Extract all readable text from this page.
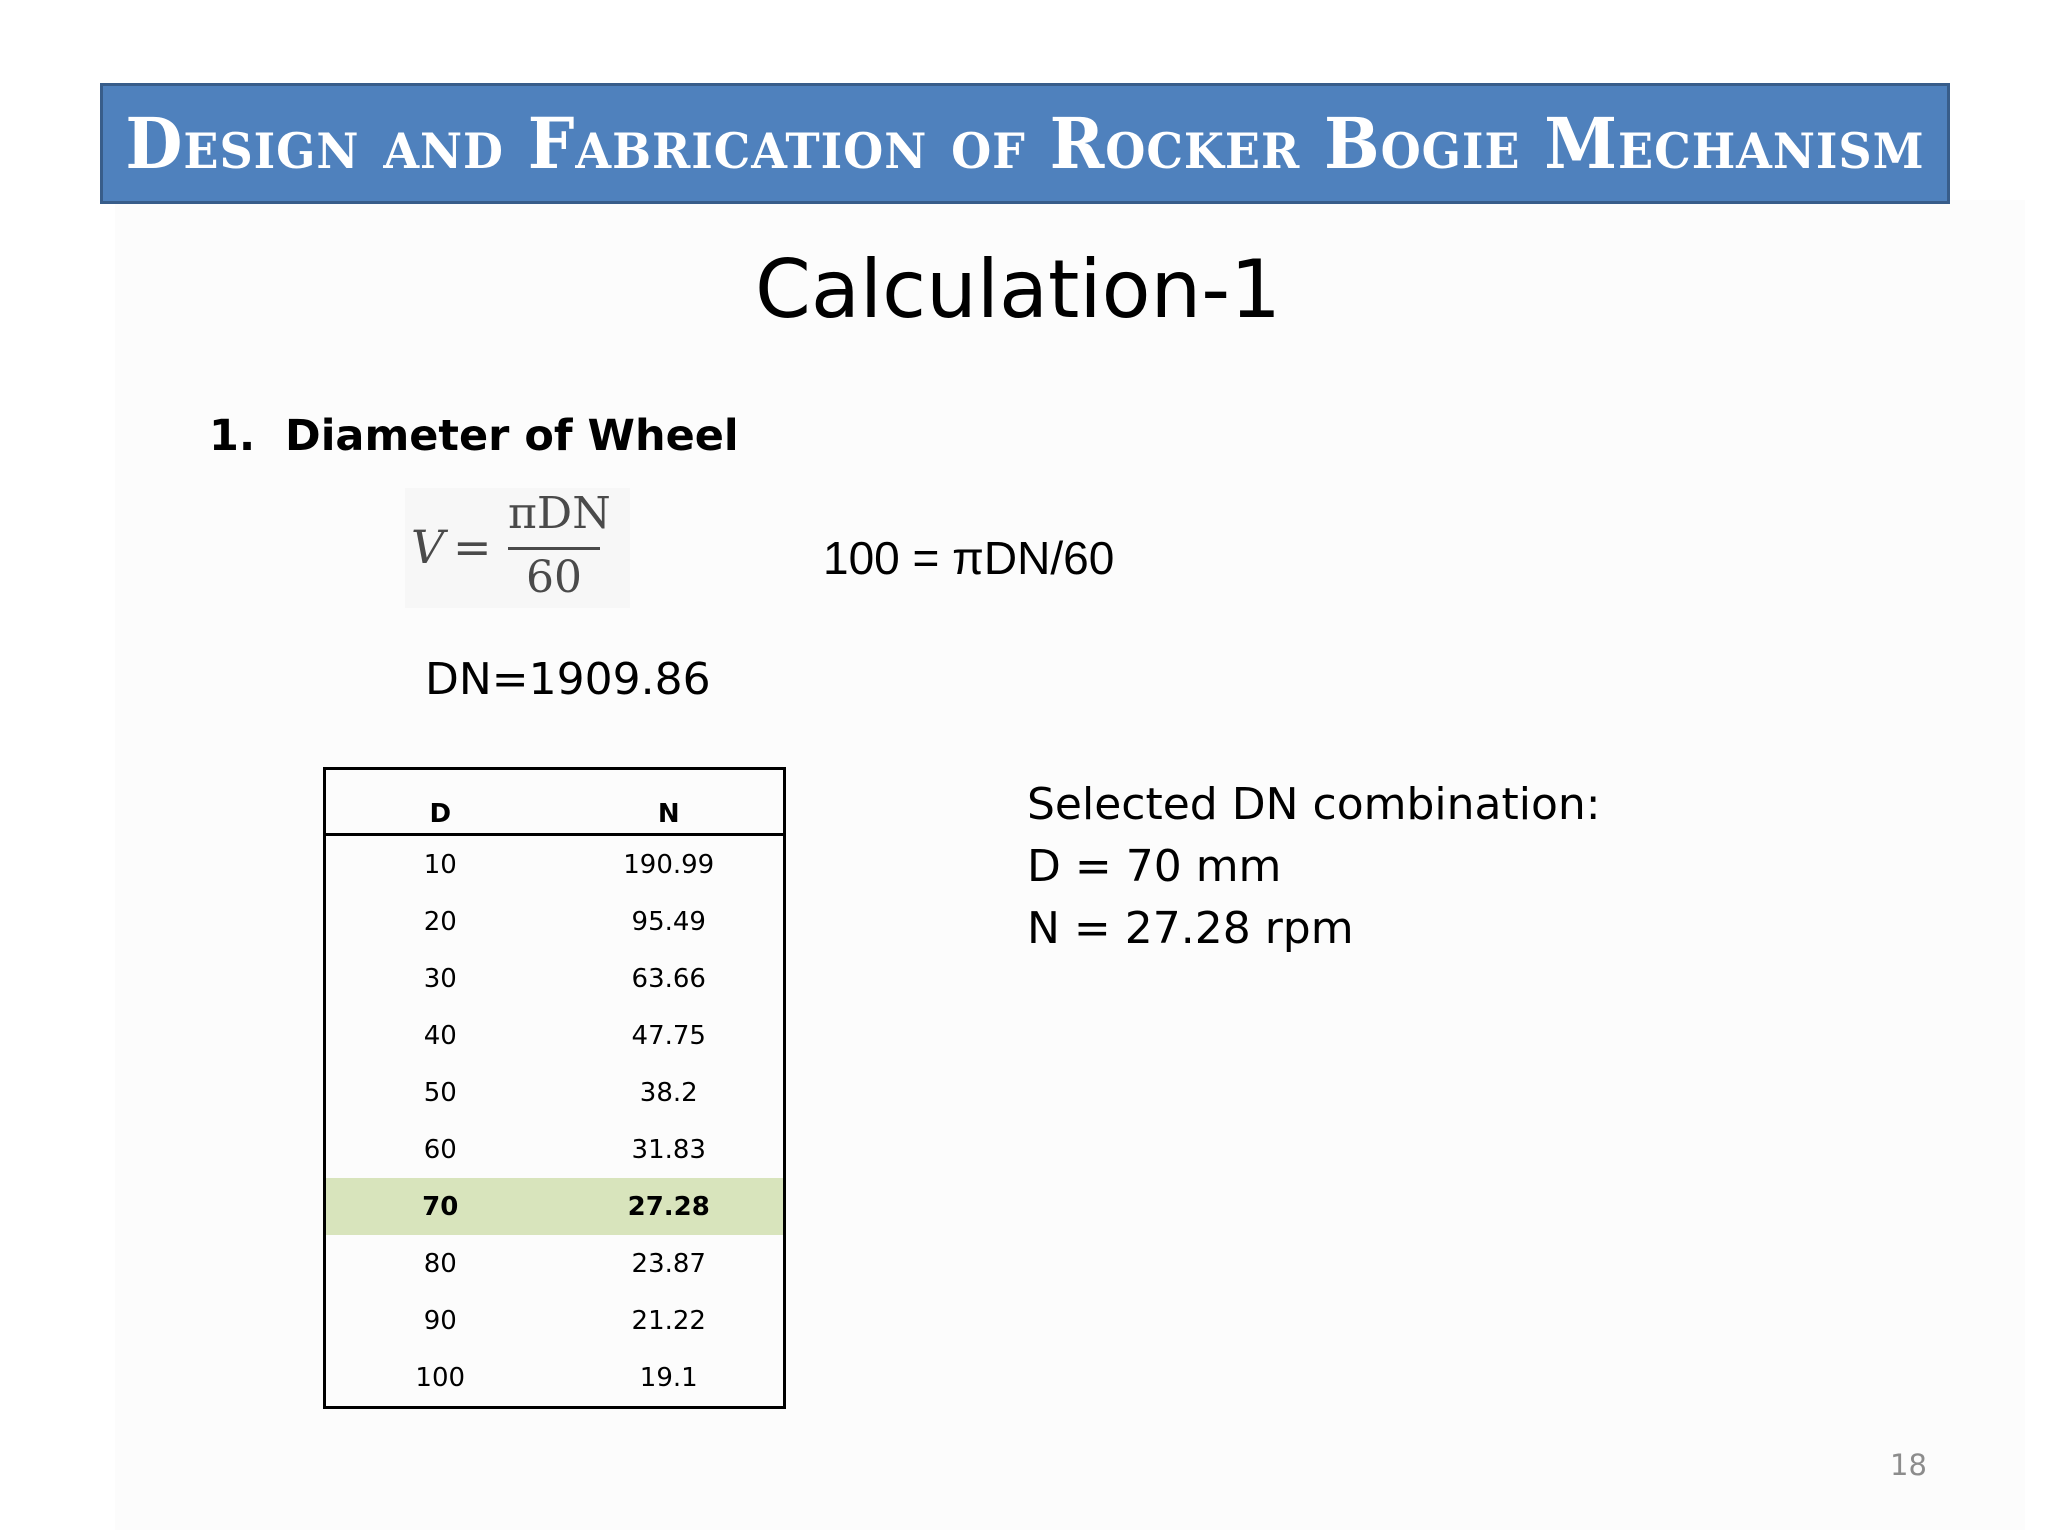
Design and Fabrication of Rocker Bogie Mechanism
Calculation-1
1. Diameter of Wheel
V =
πDN
60	100 = πDN/60
DN=1909.86
D	N
10	190.99
20	95.49
30	63.66
40	47.75
50	38.2
60	31.83
70	27.28
80	23.87
90	21.22
100	19.1
Selected DN combination:
D = 70 mm
N = 27.28 rpm
18
